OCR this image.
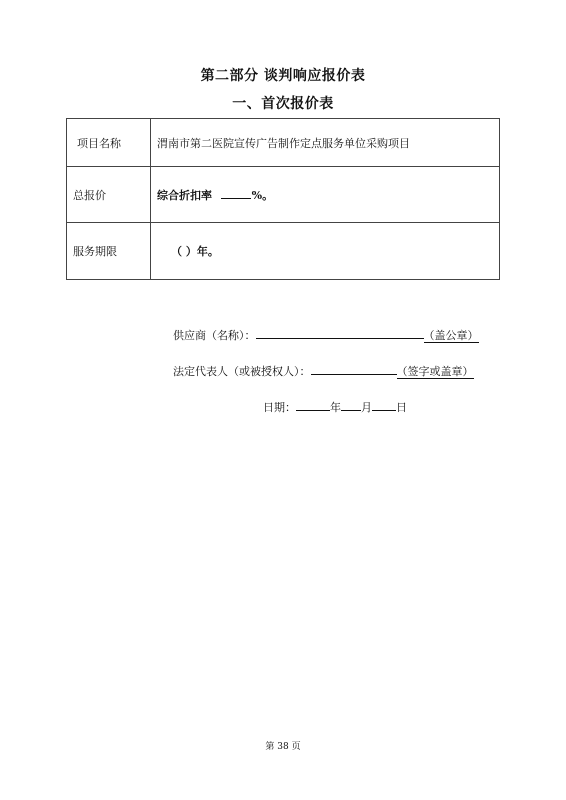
第二部分 谈判响应报价表
一、首次报价表
项目名称	渭南市第二医院宣传广告制作定点服务单位采购项目
总报价	综合折扣率 %。
服务期限	（ ）年。
供应商（名称）：	（盖公章）
法定代表人（或被授权人）：	（签字或盖章）
日期：	年 月 日
第 38 页
